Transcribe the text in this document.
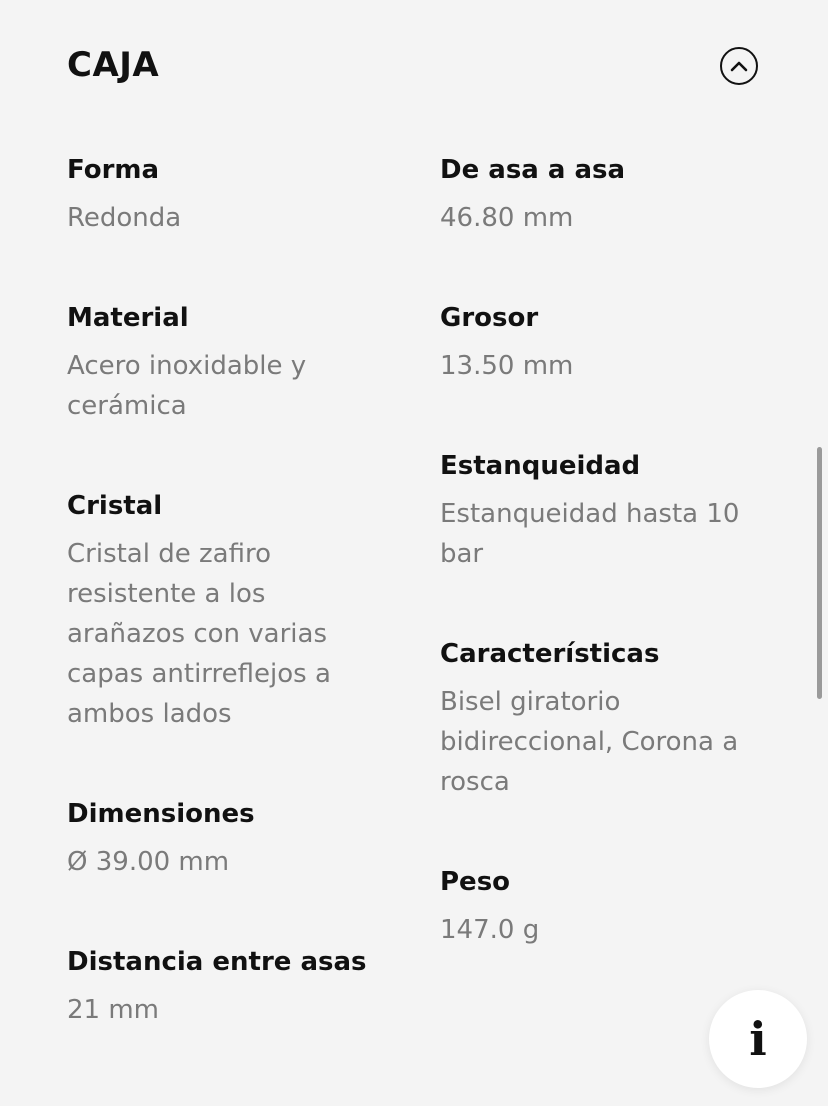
CAJA
Forma
Redonda
Material
Acero inoxidable y cerámica
Cristal
Cristal de zafiro resistente a los arañazos con varias capas antirreflejos a ambos lados
Dimensiones
Ø 39.00 mm
Distancia entre asas
21 mm
De asa a asa
46.80 mm
Grosor
13.50 mm
Estanqueidad
Estanqueidad hasta 10 bar
Características
Bisel giratorio bidireccional, Corona a rosca
Peso
147.0 g
i
